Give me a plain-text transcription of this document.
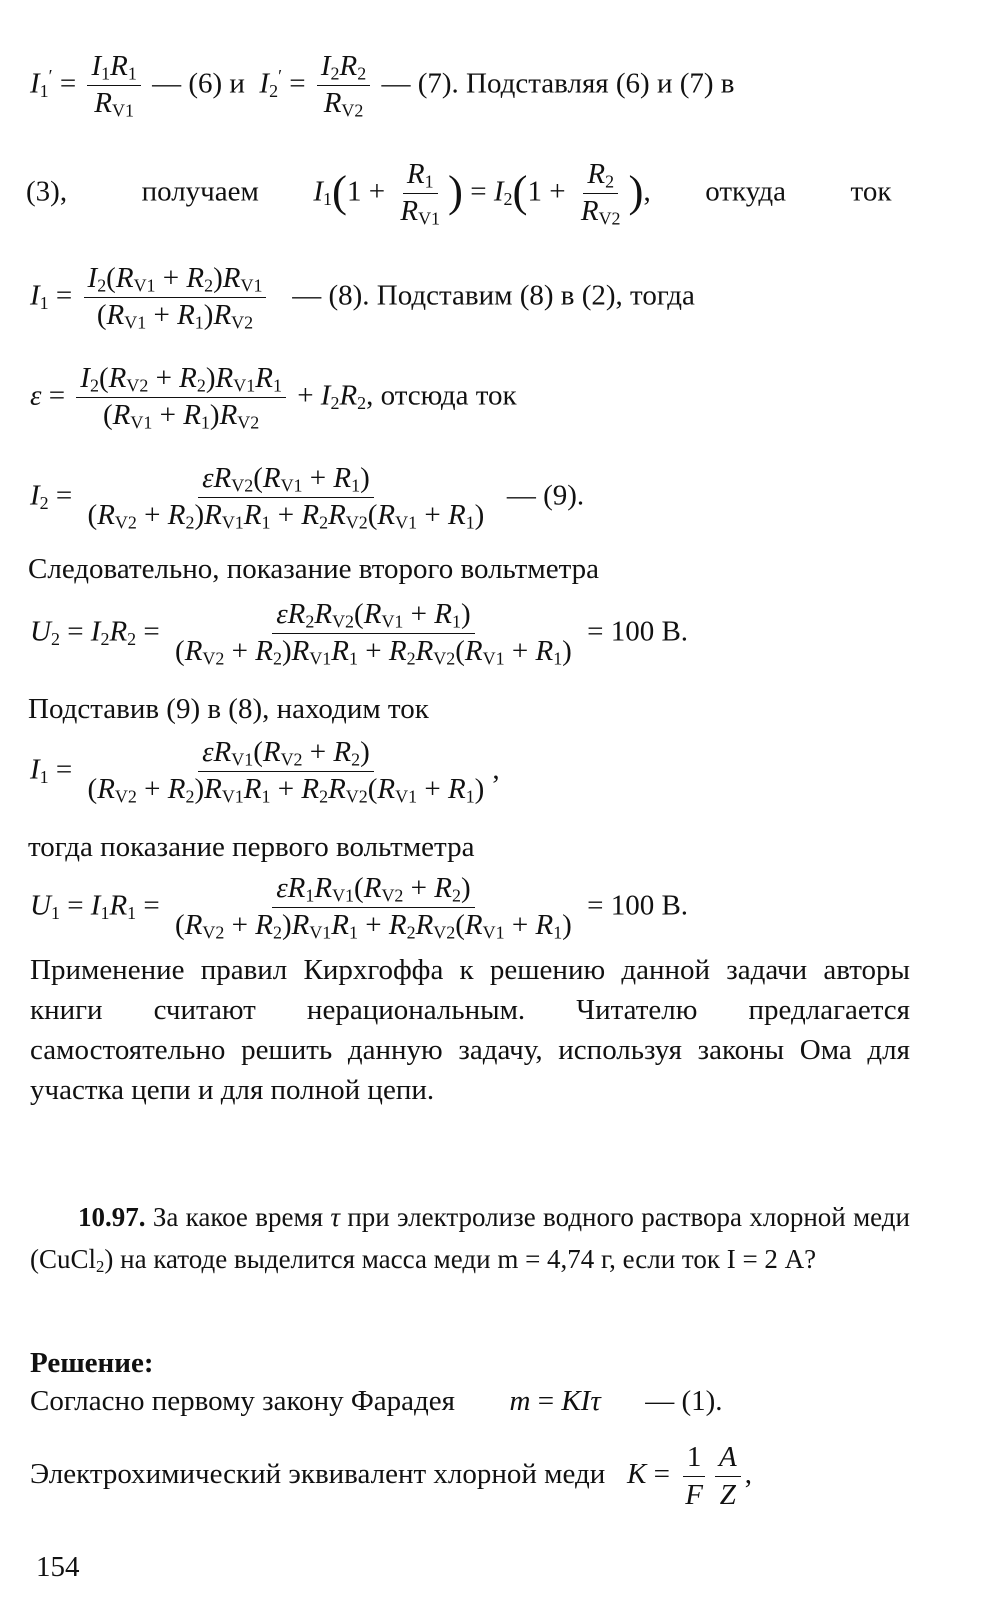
$I_1' = \frac{I_1R_1}{R_{V1}}$ — (6) и $I_2' = \frac{I_2R_2}{R_{V2}}$ — (7). Подставляя (6) и (7) в
(3),	получаем $I_1(1 + \frac{R_1}{R_{V1}}$ ) = $I_2(1 + \frac{R_2}{R_{V2}}$ ),  откуда ток
$I_1 = \frac{I_2(R_{V1} + R_2)R_{V1}}{(R_{V1} + R_1)R_{V2}}$ — (8). Подставим (8) в (2), тогда
$\varepsilon = \frac{I_2(R_{V2} + R_2)R_{V1}R_1}{(R_{V1} + R_1)R_{V2}} + I_2R_2$, отсюда ток
$I_2 = \frac{\varepsilon R_{V2}(R_{V1} + R_1)}{(R_{V2} + R_2)R_{V1}R_1 + R_2R_{V2}(R_{V1} + R_1)}$ — (9).
Следовательно, показание второго вольтметра
$U_2 = I_2R_2 = \frac{\varepsilon R_2R_{V2}(R_{V1} + R_1)}{(R_{V2} + R_2)R_{V1}R_1 + R_2R_{V2}(R_{V1} + R_1)} = 100$ В.
Подставив (9) в (8), находим ток
$I_1 = \frac{\varepsilon R_{V1}(R_{V2} + R_2)}{(R_{V2} + R_2)R_{V1}R_1 + R_2R_{V2}(R_{V1} + R_1)}$ ,
тогда показание первого вольтметра
$U_1 = I_1R_1 = \frac{\varepsilon R_1R_{V1}(R_{V2} + R_2)}{(R_{V2} + R_2)R_{V1}R_1 + R_2R_{V2}(R_{V1} + R_1)} = 100$ В.

Применение правил Кирхгоффа к решению данной задачи авторы книги считают нерациональным. Читателю предлагается самостоятельно решить данную задачу, используя законы Ома для участка цепи и для полной цепи.

10.97. За какое время τ при электролизе водного раствора хлорной меди (CuCl$_2$) на катоде выделится масса меди m = 4,74 г, если ток I = 2 А?
Решение:
Согласно первому закону Фарадея m = KIτ — (1).
Электрохимический эквивалент хлорной меди $K = \frac{1}{F} \frac{A}{Z}$ ,
154
